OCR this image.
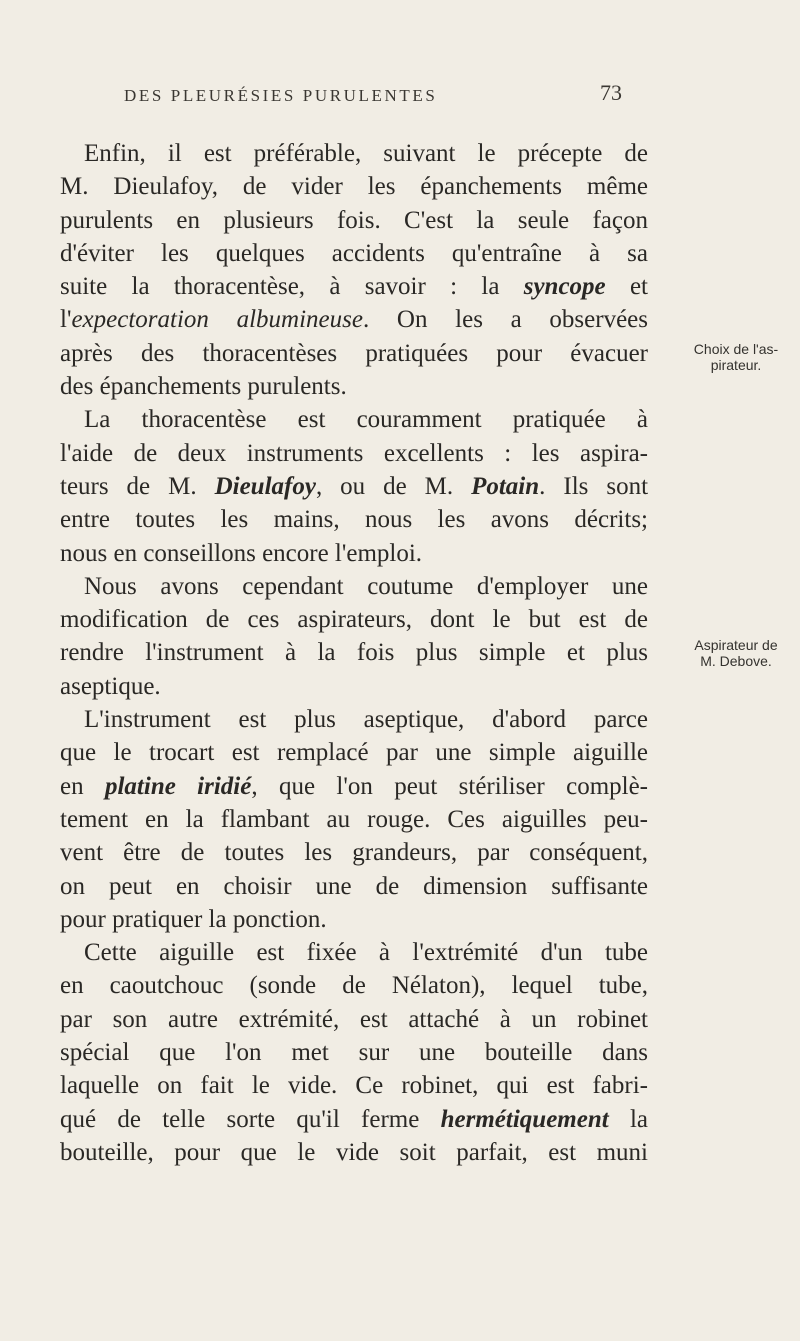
DES PLEURÉSIES PURULENTES	73
Enfin, il est préférable, suivant le précepte de
M. Dieulafoy, de vider les épanchements même
purulents en plusieurs fois. C'est la seule façon
d'éviter les quelques accidents qu'entraîne à sa
suite la thoracentèse, à savoir : la syncope et
l'expectoration albumineuse. On les a observées
après des thoracentèses pratiquées pour évacuer
des épanchements purulents.
La thoracentèse est couramment pratiquée à
l'aide de deux instruments excellents : les aspira-
teurs de M. Dieulafoy, ou de M. Potain. Ils sont
entre toutes les mains, nous les avons décrits;
nous en conseillons encore l'emploi.
Nous avons cependant coutume d'employer une
modification de ces aspirateurs, dont le but est de
rendre l'instrument à la fois plus simple et plus
aseptique.
L'instrument est plus aseptique, d'abord parce
que le trocart est remplacé par une simple aiguille
en platine iridié, que l'on peut stériliser complè-
tement en la flambant au rouge. Ces aiguilles peu-
vent être de toutes les grandeurs, par conséquent,
on peut en choisir une de dimension suffisante
pour pratiquer la ponction.
Cette aiguille est fixée à l'extrémité d'un tube
en caoutchouc (sonde de Nélaton), lequel tube,
par son autre extrémité, est attaché à un robinet
spécial que l'on met sur une bouteille dans
laquelle on fait le vide. Ce robinet, qui est fabri-
qué de telle sorte qu'il ferme hermétiquement la
bouteille, pour que le vide soit parfait, est muni
Choix de l'as-
pirateur.
Aspirateur de
M. Debove.
